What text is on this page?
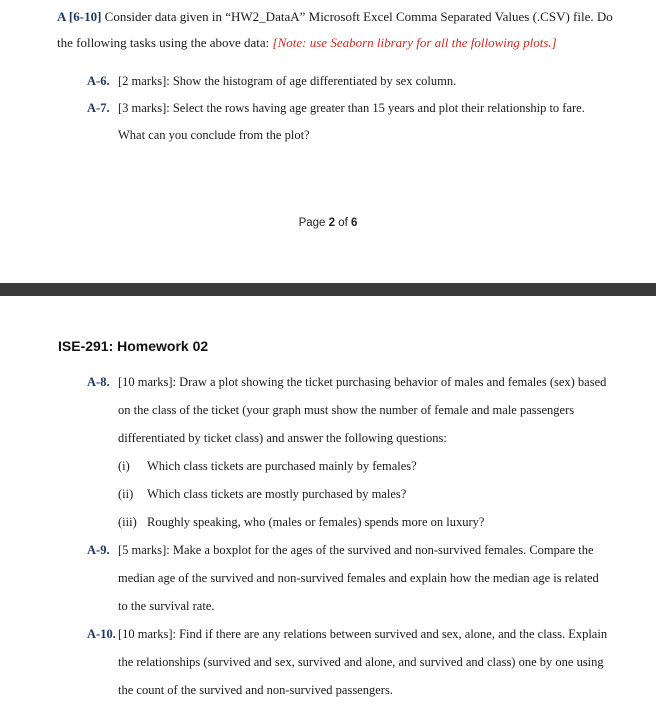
A [6-10] Consider data given in “HW2_DataA” Microsoft Excel Comma Separated Values (.CSV) file. Do
the following tasks using the above data: [Note: use Seaborn library for all the following plots.]
A-6. [2 marks]: Show the histogram of age differentiated by sex column.
A-7. [3 marks]: Select the rows having age greater than 15 years and plot their relationship to fare.
What can you conclude from the plot?
Page 2 of 6
ISE-291: Homework 02
A-8. [10 marks]: Draw a plot showing the ticket purchasing behavior of males and females (sex) based
on the class of the ticket (your graph must show the number of female and male passengers
differentiated by ticket class) and answer the following questions:
(i) Which class tickets are purchased mainly by females?
(ii) Which class tickets are mostly purchased by males?
(iii) Roughly speaking, who (males or females) spends more on luxury?
A-9. [5 marks]: Make a boxplot for the ages of the survived and non-survived females. Compare the
median age of the survived and non-survived females and explain how the median age is related
to the survival rate.
A-10. [10 marks]: Find if there are any relations between survived and sex, alone, and the class. Explain
the relationships (survived and sex, survived and alone, and survived and class) one by one using
the count of the survived and non-survived passengers.
